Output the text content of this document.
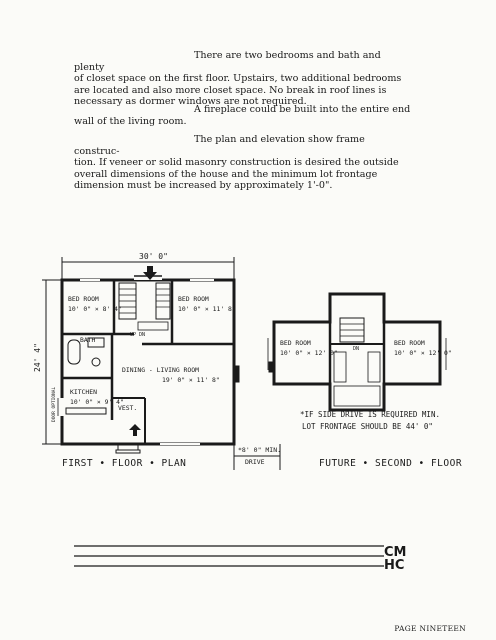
There are two bedrooms and bath and plenty

of closet space on the first floor. Upstairs, two additional bedrooms are located and also more closet space. No break in roof lines is necessary as dormer windows are not required.

A fireplace could be built into the entire end

wall of the living room.

The plan and elevation show frame construc-

tion. If veneer or solid masonry construction is desired the outside overall dimensions of the house and the minimum lot frontage dimension must be increased by approximately 1'-0".

30' 0"
24' 4"
BED ROOM
10' 0" × 8' 4"
BED ROOM
10' 0" × 11' 8"
UP DN
BATH
KITCHEN
10' 0" × 9' 4"
DINING - LIVING ROOM
19' 0" × 11' 8"
VEST.
DOOR OPTIONAL
*8' 0" MIN.
DRIVE
BED ROOM
10' 0" × 12' 0"
BED ROOM
10' 0" × 12' 0"
DN
*IF SIDE DRIVE IS REQUIRED MIN.
LOT FRONTAGE SHOULD BE 44' 0"
CM
HC
FIRST • FLOOR • PLAN	FUTURE • SECOND • FLOOR
PAGE NINETEEN
